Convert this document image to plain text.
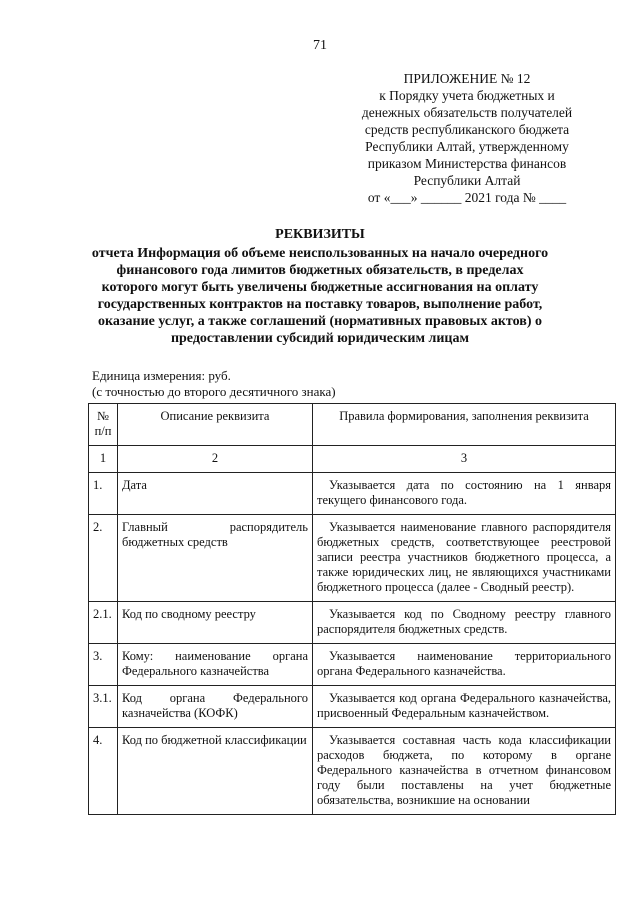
71
ПРИЛОЖЕНИЕ № 12
к Порядку учета бюджетных и
денежных обязательств получателей
средств республиканского бюджета
Республики Алтай, утвержденному
приказом Министерства финансов
Республики Алтай
от «___» ______ 2021 года № ____
РЕКВИЗИТЫ
отчета Информация об объеме неиспользованных на начало очередного
финансового года лимитов бюджетных обязательств, в пределах
которого могут быть увеличены бюджетные ассигнования на оплату
государственных контрактов на поставку товаров, выполнение работ,
оказание услуг, а также соглашений (нормативных правовых актов) о
предоставлении субсидий юридическим лицам
Единица измерения: руб.
(с точностью до второго десятичного знака)
№ п/п	Описание реквизита	Правила формирования, заполнения реквизита
1	2	3
1.	Дата	Указывается дата по состоянию на 1 января текущего финансового года.
2.	Главный распорядитель бюджетных средств	Указывается наименование главного распорядителя бюджетных средств, соответствующее реестровой записи реестра участников бюджетного процесса, а также юридических лиц, не являющихся участниками бюджетного процесса (далее - Сводный реестр).
2.1.	Код по сводному реестру	Указывается код по Сводному реестру главного распорядителя бюджетных средств.
3.	Кому: наименование органа Федерального казначейства	Указывается наименование территориального органа Федерального казначейства.
3.1.	Код органа Федерального казначейства (КОФК)	Указывается код органа Федерального казначейства, присвоенный Федеральным казначейством.
4.	Код по бюджетной классификации	Указывается составная часть кода классификации расходов бюджета, по которому в органе Федерального казначейства в отчетном финансовом году были поставлены на учет бюджетные обязательства, возникшие на основании
